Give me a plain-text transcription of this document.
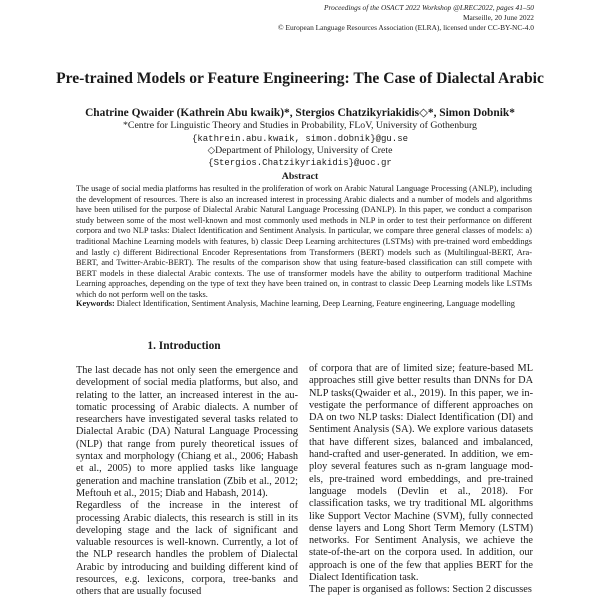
Proceedings of the OSACT 2022 Workshop @LREC2022, pages 41–50
Marseille, 20 June 2022
© European Language Resources Association (ELRA), licensed under CC-BY-NC-4.0
Pre-trained Models or Feature Engineering: The Case of Dialectal Arabic
Chatrine Qwaider (Kathrein Abu kwaik)*, Stergios Chatzikyriakidis◇*, Simon Dobnik*
*Centre for Linguistic Theory and Studies in Probability, FLoV, University of Gothenburg
{kathrein.abu.kwaik, simon.dobnik}@gu.se
◇Department of Philology, University of Crete
{Stergios.Chatzikyriakidis}@uoc.gr
Abstract
The usage of social media platforms has resulted in the proliferation of work on Arabic Natural Language Processing (ANLP), including the development of resources. There is also an increased interest in processing Arabic dialects and a number of models and algorithms have been utilised for the purpose of Dialectal Arabic Natural Language Processing (DANLP). In this paper, we conduct a comparison study between some of the most well-known and most commonly used methods in NLP in order to test their performance on different corpora and two NLP tasks: Dialect Identification and Sentiment Analysis. In particular, we compare three general classes of models: a) traditional Machine Learning models with features, b) classic Deep Learning architectures (LSTMs) with pre-trained word embeddings and lastly c) different Bidirectional Encoder Representations from Transformers (BERT) models such as (Multilingual-BERT, Ara-BERT, and Twitter-Arabic-BERT). The results of the comparison show that using feature-based classification can still compete with BERT models in these dialectal Arabic contexts. The use of transformer models have the ability to outperform traditional Machine Learning approaches, depending on the type of text they have been trained on, in contrast to classic Deep Learning models like LSTMs which do not perform well on the tasks.
Keywords: Dialect Identification, Sentiment Analysis, Machine learning, Deep Learning, Feature engineering, Language modelling
1. Introduction

The last decade has not only seen the emergence and development of social media platforms, but also, and relating to the latter, an increased interest in the automatic processing of Arabic dialects. A number of researchers have investigated several tasks related to Dialectal Arabic (DA) Natural Language Processing (NLP) that range from purely theoretical issues of syntax and morphology (Chiang et al., 2006; Habash et al., 2005) to more applied tasks like language generation and machine translation (Zbib et al., 2012; Meftouh et al., 2015; Diab and Habash, 2014).

Regardless of the increase in the interest of processing Arabic dialects, this research is still in its developing stage and the lack of significant and valuable resources is well-known. Currently, a lot of the NLP research handles the problem of Dialectal Arabic by introducing and building different kind of resources, e.g. lexicons, corpora, tree-banks and others that are usually focused

of corpora that are of limited size; feature-based ML approaches still give better results than DNNs for DA NLP tasks(Qwaider et al., 2019). In this paper, we investigate the performance of different approaches on DA on two NLP tasks: Dialect Identification (DI) and Sentiment Analysis (SA). We explore various datasets that have different sizes, balanced and imbalanced, hand-crafted and user-generated. In addition, we employ several features such as n-gram language models, pre-trained word embeddings, and pre-trained language models (Devlin et al., 2018). For classification tasks, we try traditional ML algorithms like Support Vector Machine (SVM), fully connected dense layers and Long Short Term Memory (LSTM) networks. For Sentiment Analysis, we achieve the state-of-the-art on the corpora used. In addition, our approach is one of the few that applies BERT for the Dialect Identification task.

The paper is organised as follows: Section 2 discusses
